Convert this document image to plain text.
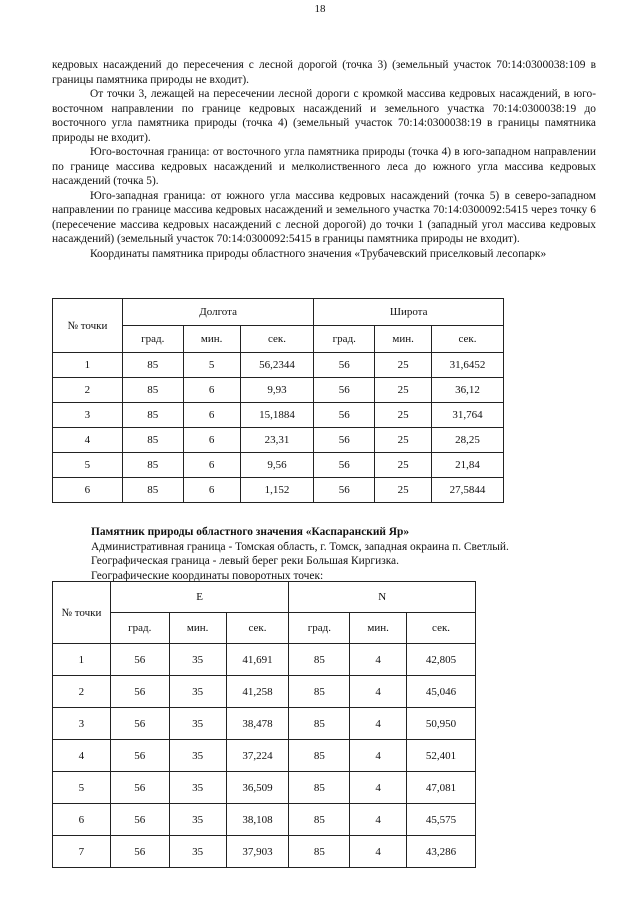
18

кедровых насаждений до пересечения с лесной дорогой (точка 3) (земельный участок 70:14:0300038:109 в границы памятника природы не входит).

От точки 3, лежащей на пересечении лесной дороги с кромкой массива кедровых насаждений, в юго-восточном направлении по границе кедровых насаждений и земельного участка 70:14:0300038:19 до восточного угла памятника природы (точка 4) (земельный участок 70:14:0300038:19 в границы памятника природы не входит).

Юго-восточная граница: от восточного угла памятника природы (точка 4) в юго-западном направлении по границе массива кедровых насаждений и мелколиственного леса до южного угла массива кедровых насаждений (точка 5).

Юго-западная граница: от южного угла массива кедровых насаждений (точка 5) в северо-западном направлении по границе массива кедровых насаждений и земельного участка 70:14:0300092:5415 через точку 6 (пересечение массива кедровых насаждений с лесной дорогой) до точки 1 (западный угол массива кедровых насаждений) (земельный участок 70:14:0300092:5415 в границы памятника природы не входит).

Координаты памятника природы областного значения «Трубачевский приселковый лесопарк»

№ точки	Долгота			Широта		
	град.	мин.	сек.	град.	мин.	сек.
1	85	5	56,2344	56	25	31,6452
2	85	6	9,93	56	25	36,12
3	85	6	15,1884	56	25	31,764
4	85	6	23,31	56	25	28,25
5	85	6	9,56	56	25	21,84
6	85	6	1,152	56	25	27,5844

Памятник природы областного значения «Каспаранский Яр»

Административная граница - Томская область, г. Томск, западная окраина п. Светлый.

Географическая граница - левый берег реки Большая Киргизка.

Географические координаты поворотных точек:

№ точки	E			N		
	град.	мин.	сек.	град.	мин.	сек.
1	56	35	41,691	85	4	42,805
2	56	35	41,258	85	4	45,046
3	56	35	38,478	85	4	50,950
4	56	35	37,224	85	4	52,401
5	56	35	36,509	85	4	47,081
6	56	35	38,108	85	4	45,575
7	56	35	37,903	85	4	43,286
